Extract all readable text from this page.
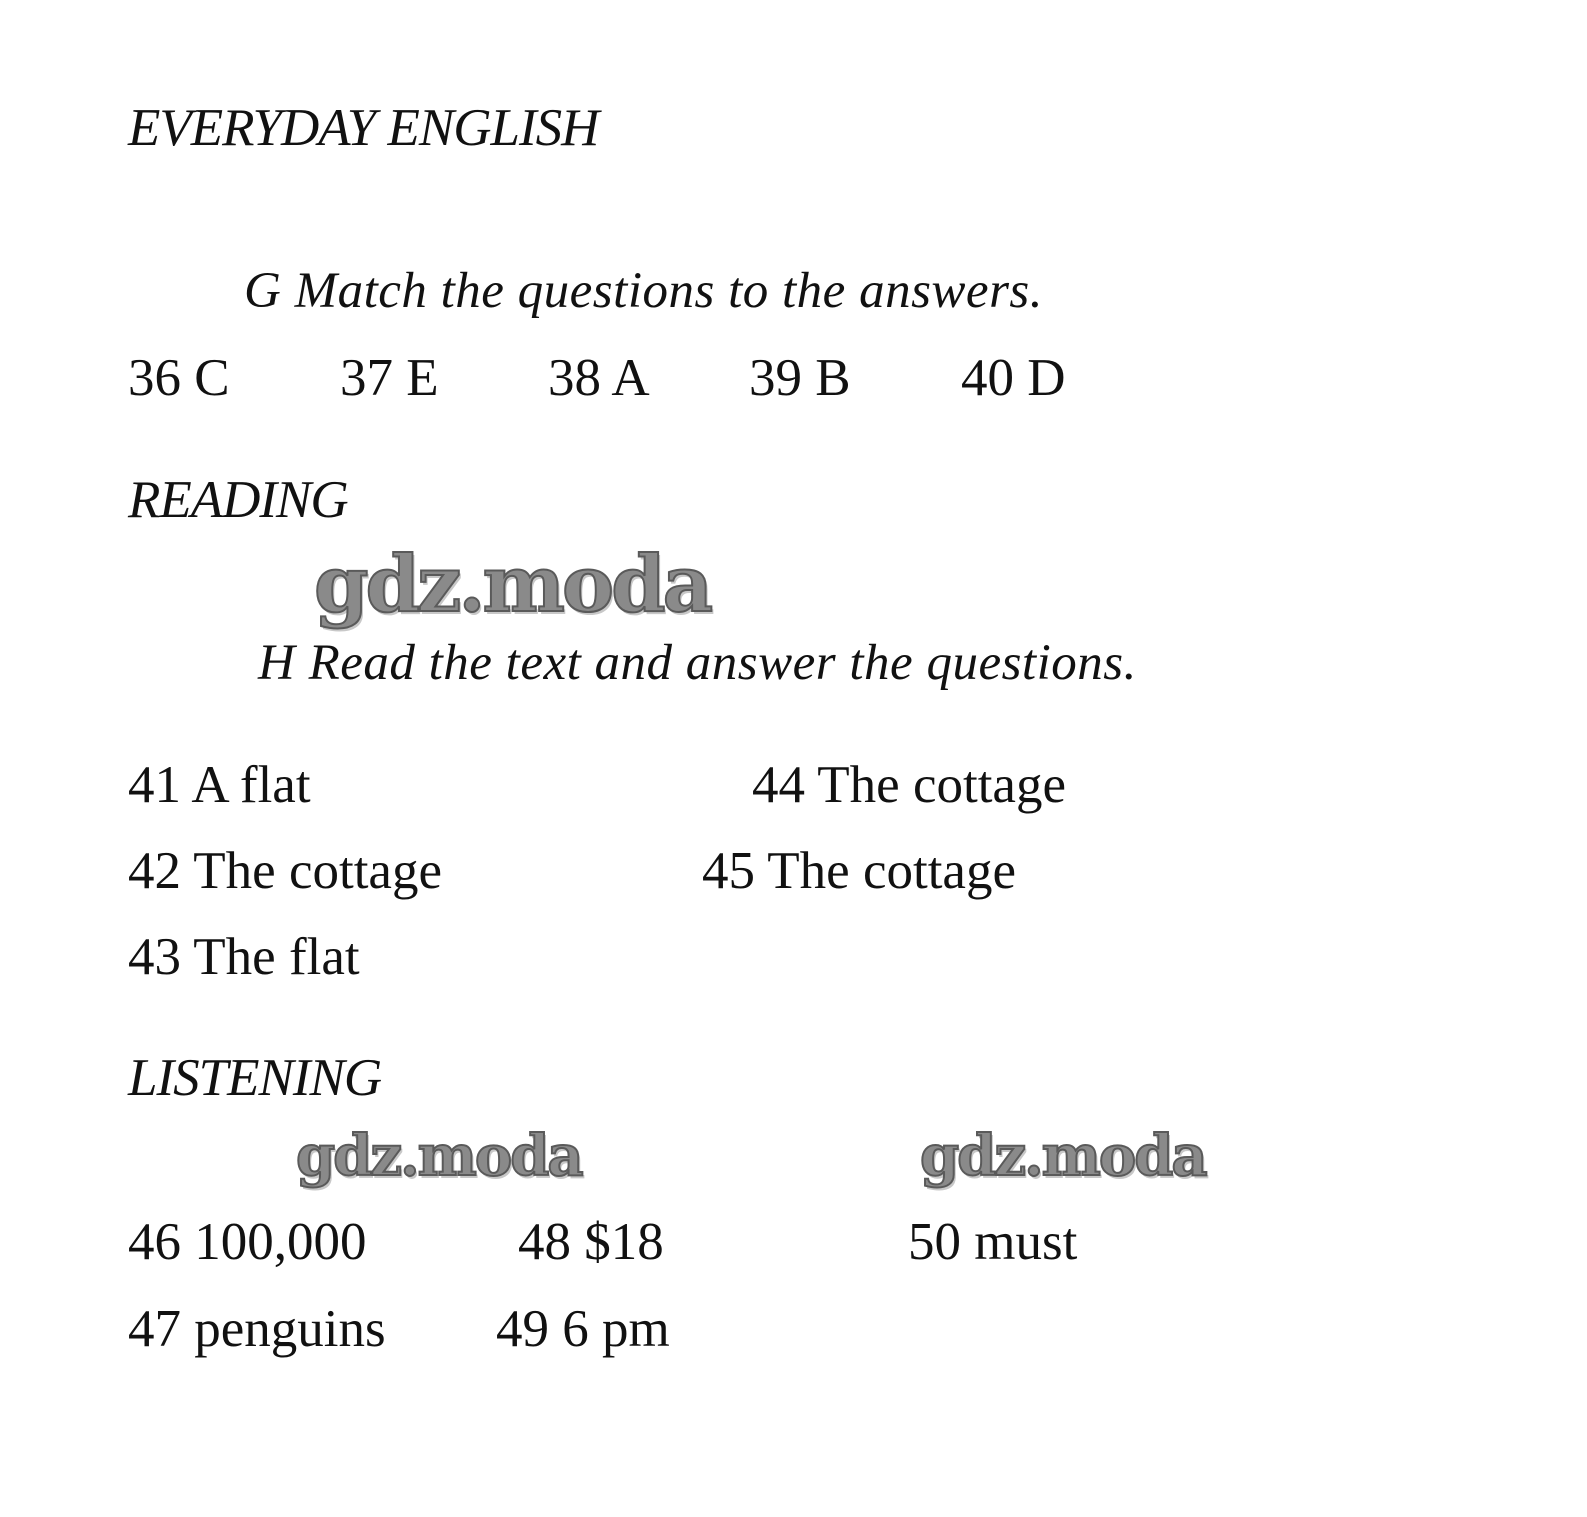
EVERYDAY ENGLISH
G Match the questions to the answers.
36 C 37 E 38 A 39 B 40 D
READING
gdz.moda
H Read the text and answer the questions.
41 A flat
42 The cottage
43 The flat
44 The cottage
45 The cottage
LISTENING
gdz.moda	gdz.moda
46 100,000
47 penguins
48 $18
49 6 pm
50 must
